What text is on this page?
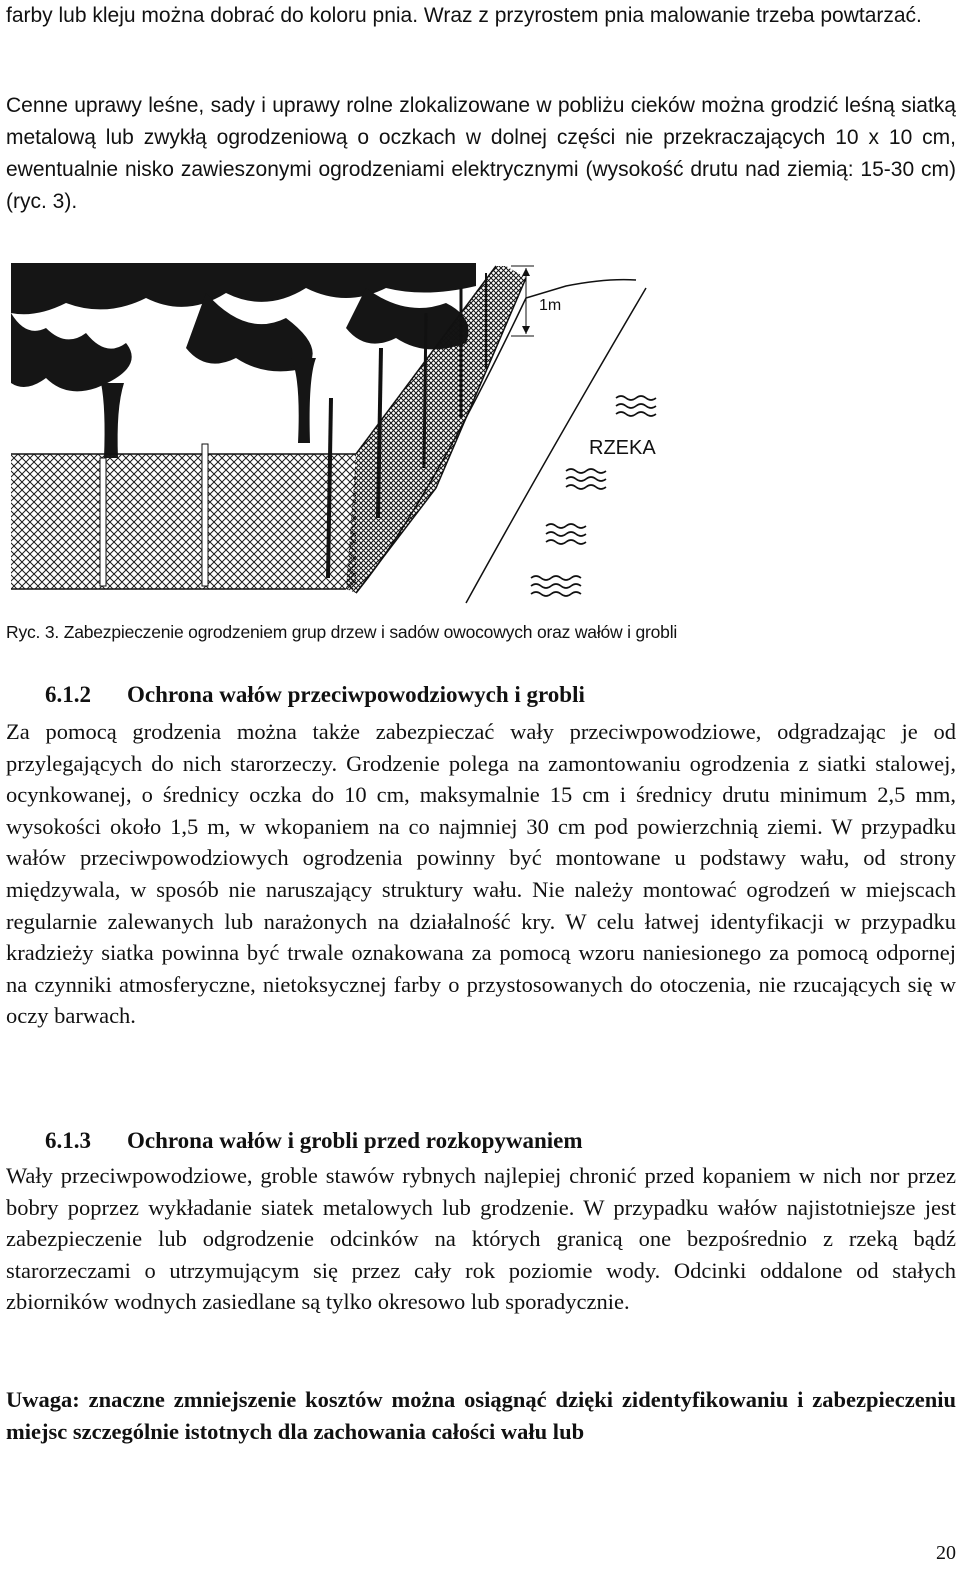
farby lub kleju można dobrać do koloru pnia. Wraz z przyrostem pnia malowanie trzeba powtarzać.

Cenne uprawy leśne, sady i uprawy rolne zlokalizowane w pobliżu cieków można grodzić leśną siatką metalową lub zwykłą ogrodzeniową o oczkach w dolnej części nie przekraczających 10 x 10 cm, ewentualnie nisko zawieszonymi ogrodzeniami elektrycznymi (wysokość drutu nad ziemią: 15-30 cm) (ryc. 3).

1m
RZEKA
Ryc. 3. Zabezpieczenie ogrodzeniem grup drzew i sadów owocowych oraz wałów i grobli
6.1.2 Ochrona wałów przeciwpowodziowych i grobli

Za pomocą grodzenia można także zabezpieczać wały przeciwpowodziowe, odgradzając je od przylegających do nich starorzeczy. Grodzenie polega na zamontowaniu ogrodzenia z siatki stalowej, ocynkowanej, o średnicy oczka do 10 cm, maksymalnie 15 cm i średnicy drutu minimum 2,5 mm, wysokości około 1,5 m, w wkopaniem na co najmniej 30 cm pod powierzchnią ziemi. W przypadku wałów przeciwpowodziowych ogrodzenia powinny być montowane u podstawy wału, od strony międzywala, w sposób nie naruszający struktury wału. Nie należy montować ogrodzeń w miejscach regularnie zalewanych lub narażonych na działalność kry. W celu łatwej identyfikacji w przypadku kradzieży siatka powinna być trwale oznakowana za pomocą wzoru naniesionego za pomocą odpornej na czynniki atmosferyczne, nietoksycznej farby o przystosowanych do otoczenia, nie rzucających się w oczy barwach.

6.1.3 Ochrona wałów i grobli przed rozkopywaniem

Wały przeciwpowodziowe, groble stawów rybnych najlepiej chronić przed kopaniem w nich nor przez bobry poprzez wykładanie siatek metalowych lub grodzenie. W przypadku wałów najistotniejsze jest zabezpieczenie lub odgrodzenie odcinków na których granicą one bezpośrednio z rzeką bądź starorzeczami o utrzymującym się przez cały rok poziomie wody. Odcinki oddalone od stałych zbiorników wodnych zasiedlane są tylko okresowo lub sporadycznie.

Uwaga: znaczne zmniejszenie kosztów można osiągnąć dzięki zidentyfikowaniu i zabezpieczeniu miejsc szczególnie istotnych dla zachowania całości wału lub

20
